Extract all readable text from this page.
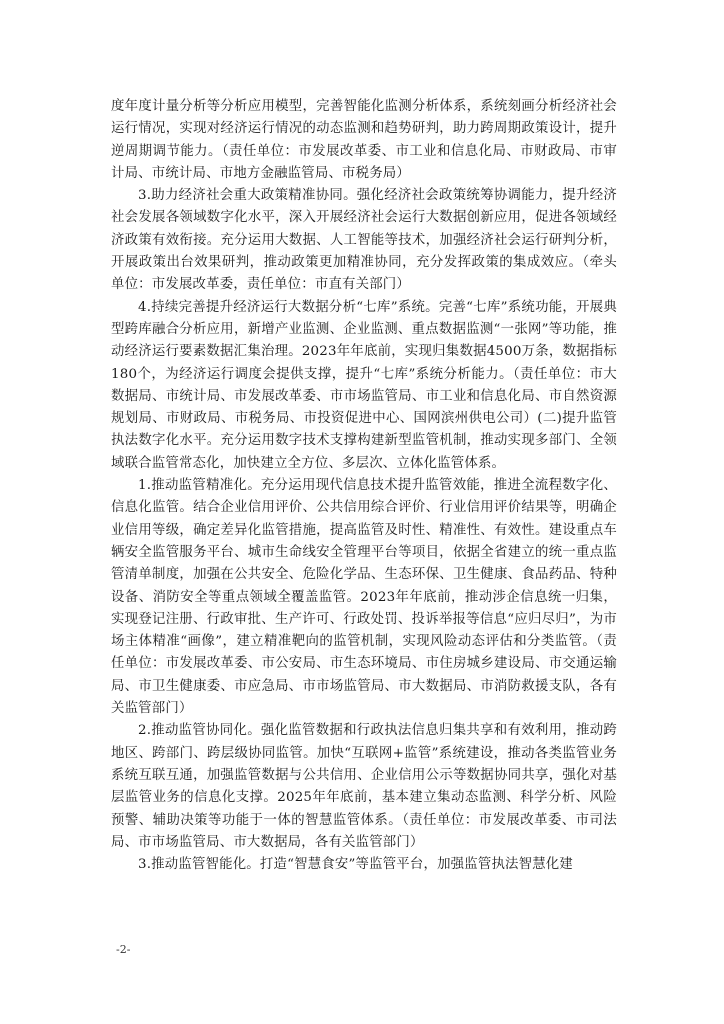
度年度计量分析等分析应用模型，完善智能化监测分析体系，系统刻画分析经济社会运行情况，实现对经济运行情况的动态监测和趋势研判，助力跨周期政策设计，提升逆周期调节能力。（责任单位：市发展改革委、市工业和信息化局、市财政局、市审计局、市统计局、市地方金融监管局、市税务局）

3.助力经济社会重大政策精准协同。强化经济社会政策统筹协调能力，提升经济社会发展各领域数字化水平，深入开展经济社会运行大数据创新应用，促进各领域经济政策有效衔接。充分运用大数据、人工智能等技术，加强经济社会运行研判分析，开展政策出台效果研判，推动政策更加精准协同，充分发挥政策的集成效应。（牵头单位：市发展改革委，责任单位：市直有关部门）

4.持续完善提升经济运行大数据分析“七库”系统。完善“七库”系统功能，开展典型跨库融合分析应用，新增产业监测、企业监测、重点数据监测“一张网”等功能，推动经济运行要素数据汇集治理。2023年年底前，实现归集数据4500万条，数据指标180个，为经济运行调度会提供支撑，提升“七库”系统分析能力。（责任单位：市大数据局、市统计局、市发展改革委、市市场监管局、市工业和信息化局、市自然资源规划局、市财政局、市税务局、市投资促进中心、国网滨州供电公司）(二)提升监管执法数字化水平。充分运用数字技术支撑构建新型监管机制，推动实现多部门、全领域联合监管常态化，加快建立全方位、多层次、立体化监管体系。

1.推动监管精准化。充分运用现代信息技术提升监管效能，推进全流程数字化、信息化监管。结合企业信用评价、公共信用综合评价、行业信用评价结果等，明确企业信用等级，确定差异化监管措施，提高监管及时性、精准性、有效性。建设重点车辆安全监管服务平台、城市生命线安全管理平台等项目，依据全省建立的统一重点监管清单制度，加强在公共安全、危险化学品、生态环保、卫生健康、食品药品、特种设备、消防安全等重点领域全覆盖监管。2023年年底前，推动涉企信息统一归集，实现登记注册、行政审批、生产许可、行政处罚、投诉举报等信息“应归尽归”，为市场主体精准“画像”，建立精准靶向的监管机制，实现风险动态评估和分类监管。（责任单位：市发展改革委、市公安局、市生态环境局、市住房城乡建设局、市交通运输局、市卫生健康委、市应急局、市市场监管局、市大数据局、市消防救援支队，各有关监管部门）

2.推动监管协同化。强化监管数据和行政执法信息归集共享和有效利用，推动跨地区、跨部门、跨层级协同监管。加快“互联网+监管”系统建设，推动各类监管业务系统互联互通，加强监管数据与公共信用、企业信用公示等数据协同共享，强化对基层监管业务的信息化支撑。2025年年底前，基本建立集动态监测、科学分析、风险预警、辅助决策等功能于一体的智慧监管体系。（责任单位：市发展改革委、市司法局、市市场监管局、市大数据局，各有关监管部门）

3.推动监管智能化。打造“智慧食安”等监管平台，加强监管执法智慧化建

-2-
